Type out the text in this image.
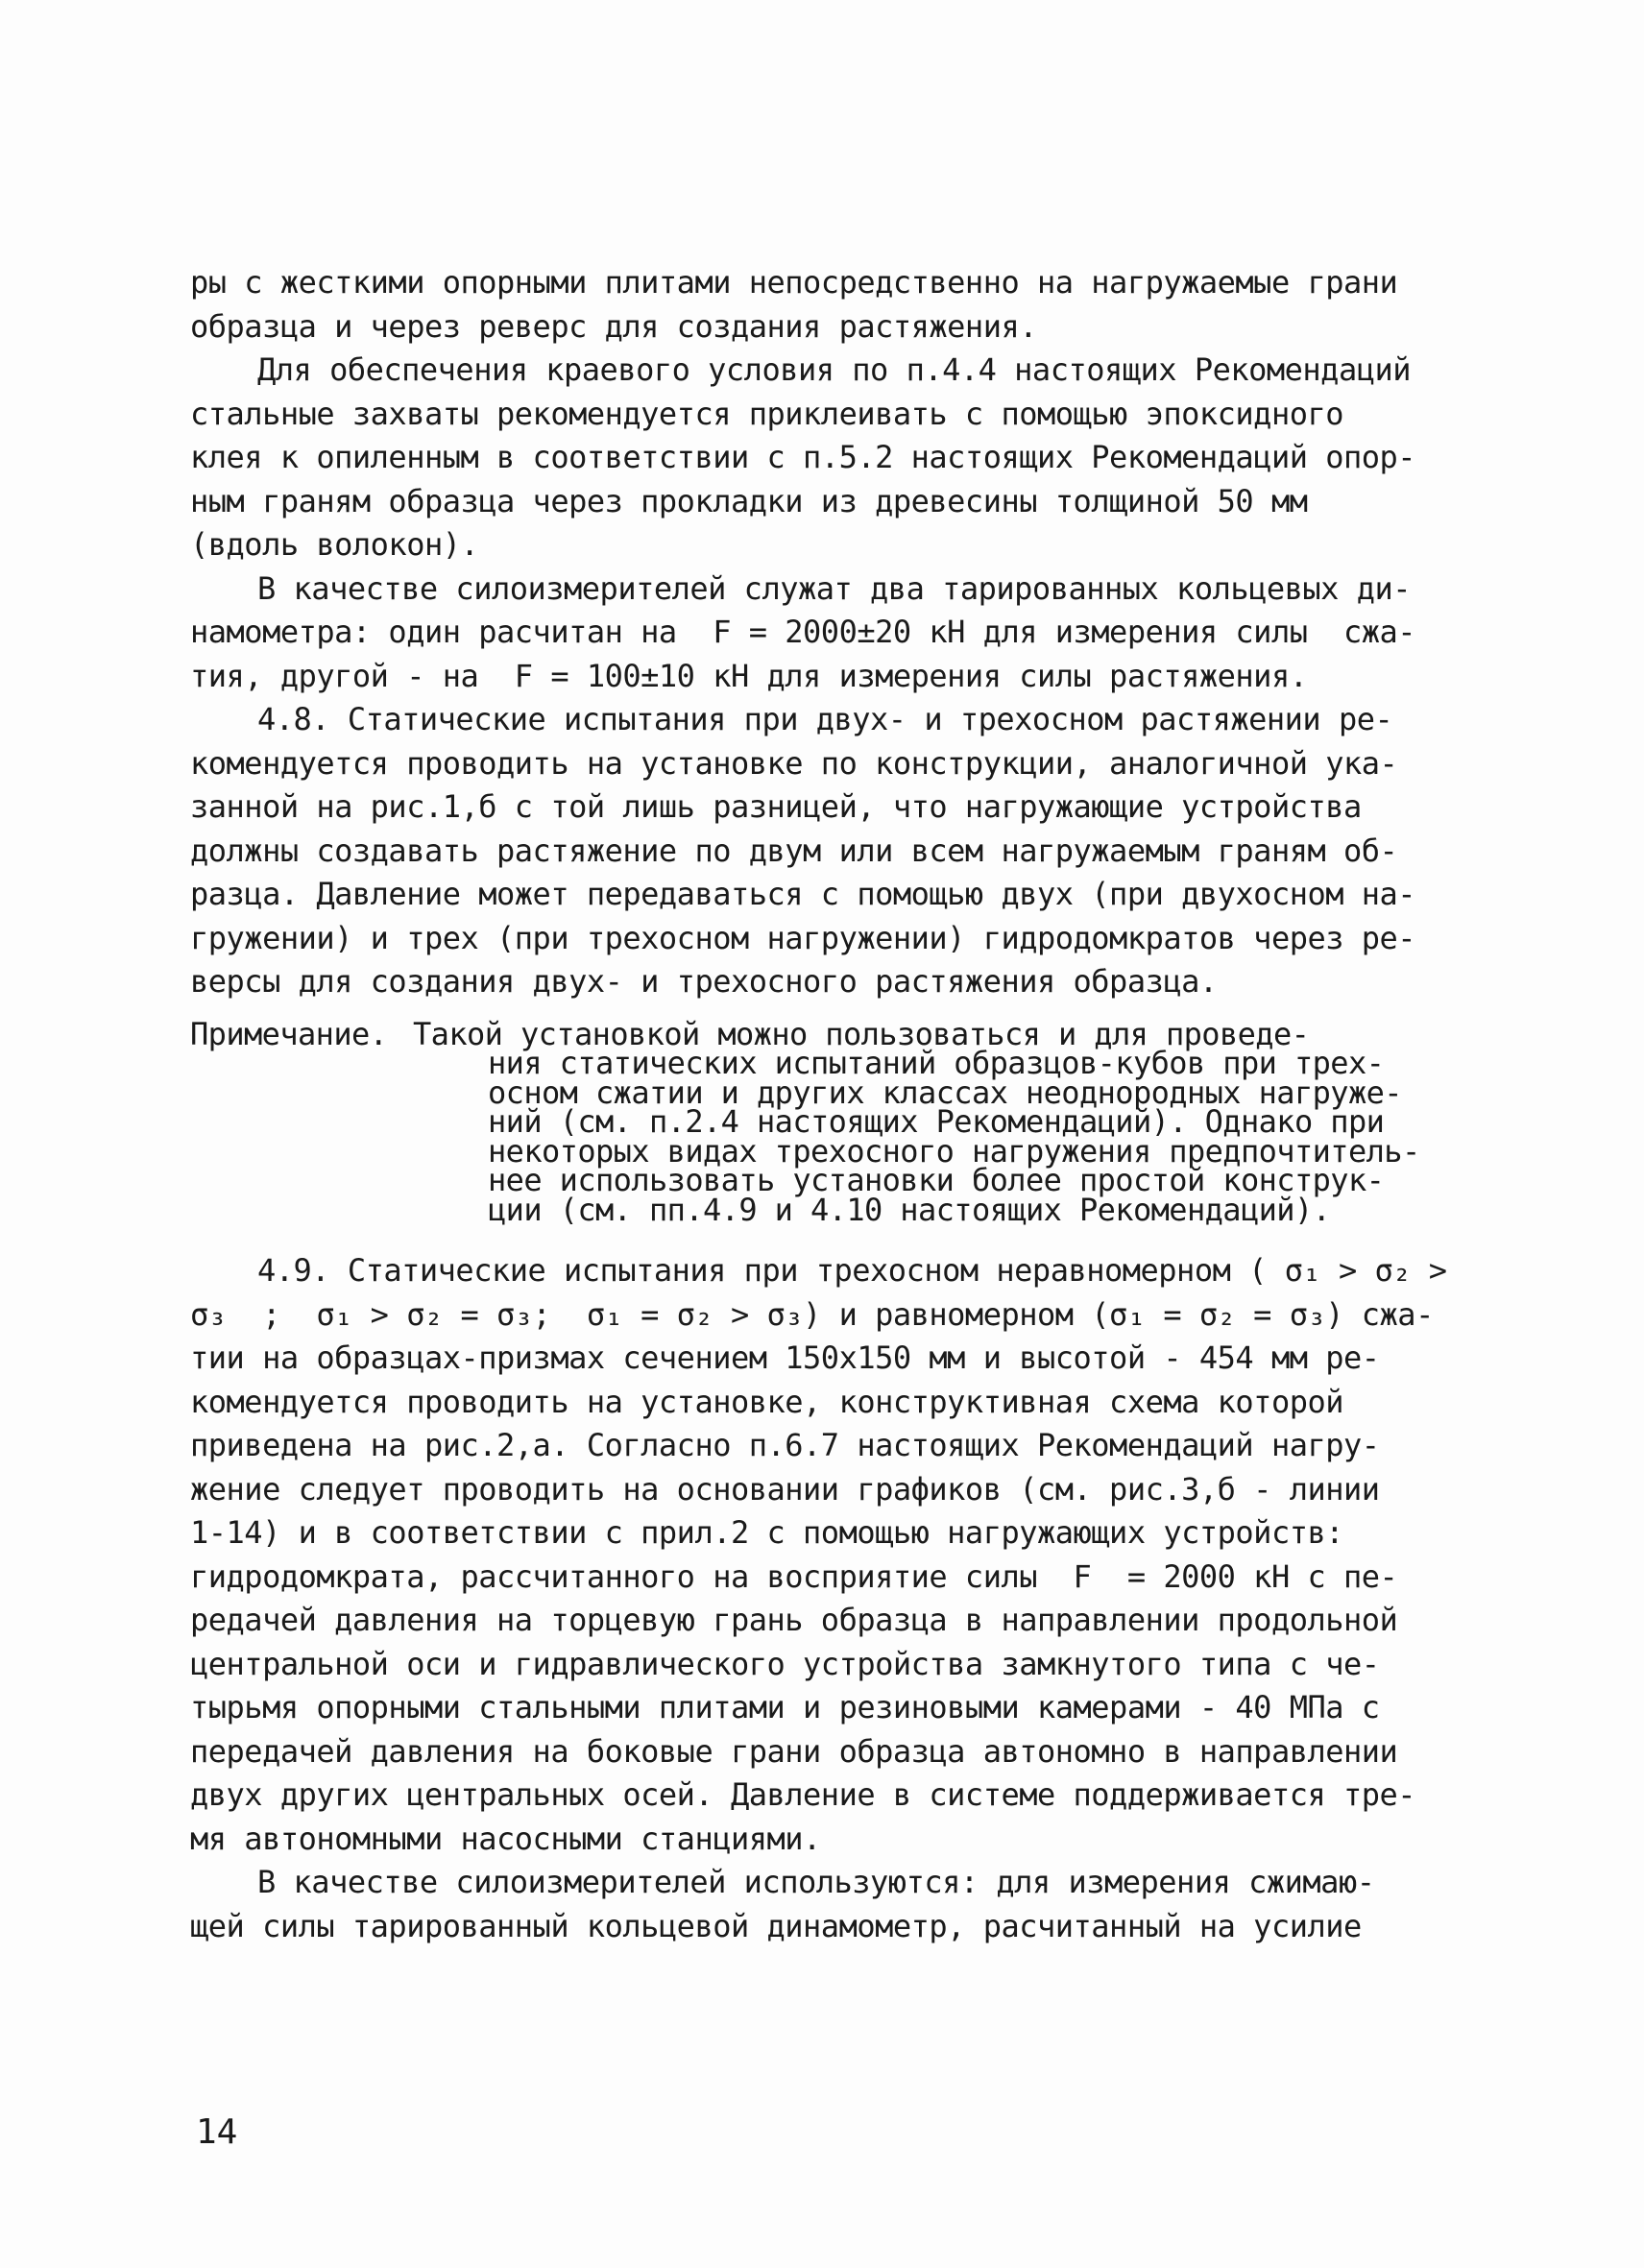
ры с жесткими опорными плитами непосредственно на нагружаемые грани
образца и через реверс для создания растяжения.
Для обеспечения краевого условия по п.4.4 настоящих Рекомендаций
стальные захваты рекомендуется приклеивать с помощью эпоксидного
клея к опиленным в соответствии с п.5.2 настоящих Рекомендаций опор-
ным граням образца через прокладки из древесины толщиной 50 мм
(вдоль волокон).
В качестве силоизмерителей служат два тарированных кольцевых ди-
намометра: один расчитан на  F = 2000±20 кН для измерения силы  сжа-
тия, другой - на  F = 100±10 кН для измерения силы растяжения.
4.8. Статические испытания при двух- и трехосном растяжении ре-
комендуется проводить на установке по конструкции, аналогичной ука-
занной на рис.1,б с той лишь разницей, что нагружающие устройства
должны создавать растяжение по двум или всем нагружаемым граням об-
разца. Давление может передаваться с помощью двух (при двухосном на-
гружении) и трех (при трехосном нагружении) гидродомкратов через ре-
версы для создания двух- и трехосного растяжения образца.
Примечание. Такой установкой можно пользоваться и для проведе-
ния статических испытаний образцов-кубов при трех-
осном сжатии и других классах неоднородных нагруже-
ний (см. п.2.4 настоящих Рекомендаций). Однако при
некоторых видах трехосного нагружения предпочтитель-
нее использовать установки более простой конструк-
ции (см. пп.4.9 и 4.10 настоящих Рекомендаций).
4.9. Статические испытания при трехосном неравномерном ( σ₁ > σ₂ >
σ₃  ;  σ₁ > σ₂ = σ₃;  σ₁ = σ₂ > σ₃) и равномерном (σ₁ = σ₂ = σ₃) сжа-
тии на образцах-призмах сечением 150х150 мм и высотой - 454 мм ре-
комендуется проводить на установке, конструктивная схема которой
приведена на рис.2,а. Согласно п.6.7 настоящих Рекомендаций нагру-
жение следует проводить на основании графиков (см. рис.3,б - линии
1-14) и в соответствии с прил.2 с помощью нагружающих устройств:
гидродомкрата, рассчитанного на восприятие силы  F  = 2000 кН с пе-
редачей давления на торцевую грань образца в направлении продольной
центральной оси и гидравлического устройства замкнутого типа с че-
тырьмя опорными стальными плитами и резиновыми камерами - 40 МПа с
передачей давления на боковые грани образца автономно в направлении
двух других центральных осей. Давление в системе поддерживается тре-
мя автономными насосными станциями.
В качестве силоизмерителей используются: для измерения сжимаю-
щей силы тарированный кольцевой динамометр, расчитанный на усилие
14
